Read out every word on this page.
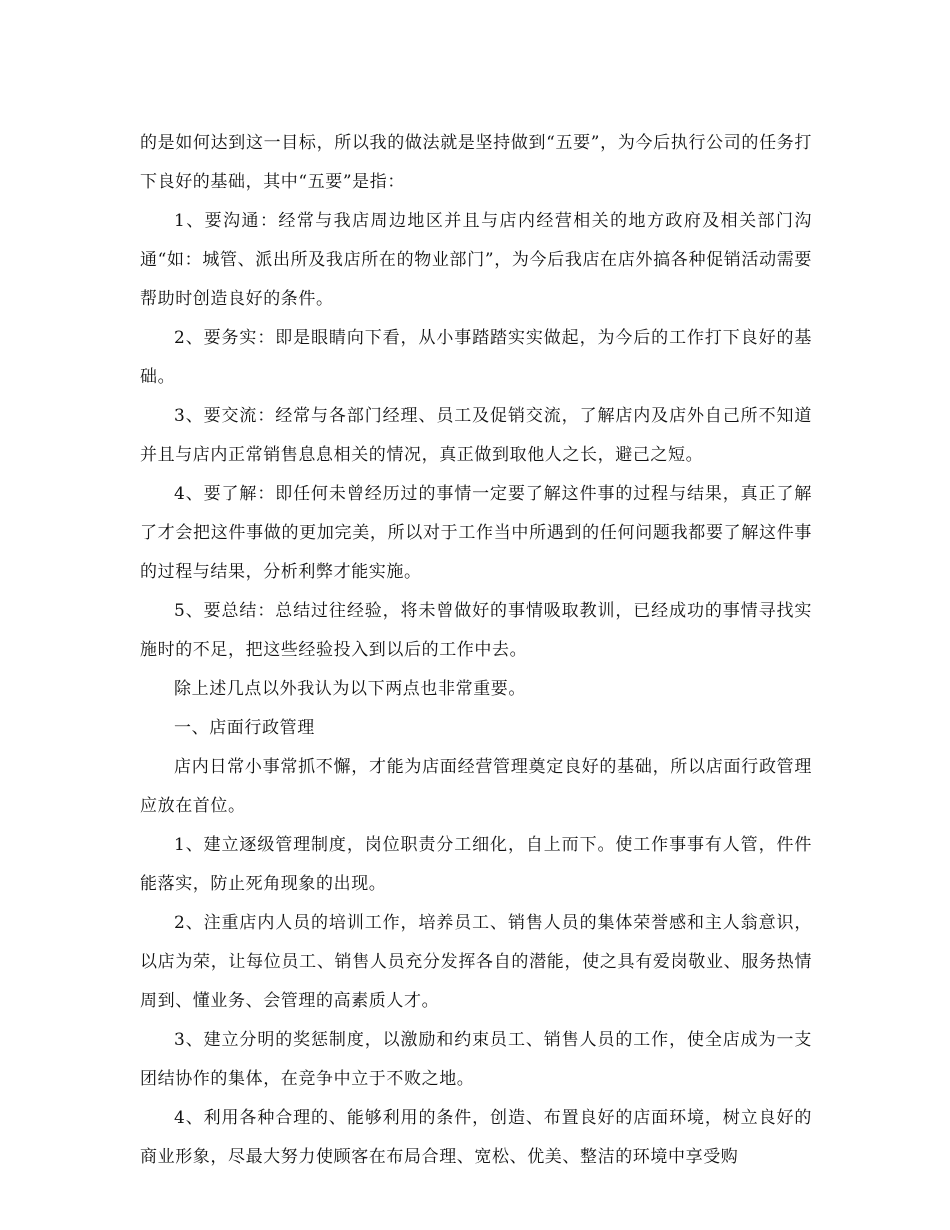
的是如何达到这一目标，所以我的做法就是坚持做到“五要”，为今后执行公司的任务打下良好的基础，其中“五要”是指：

1、要沟通：经常与我店周边地区并且与店内经营相关的地方政府及相关部门沟通“如：城管、派出所及我店所在的物业部门”，为今后我店在店外搞各种促销活动需要帮助时创造良好的条件。

2、要务实：即是眼睛向下看，从小事踏踏实实做起，为今后的工作打下良好的基础。

3、要交流：经常与各部门经理、员工及促销交流，了解店内及店外自己所不知道并且与店内正常销售息息相关的情况，真正做到取他人之长，避己之短。

4、要了解：即任何未曾经历过的事情一定要了解这件事的过程与结果，真正了解了才会把这件事做的更加完美，所以对于工作当中所遇到的任何问题我都要了解这件事的过程与结果，分析利弊才能实施。

5、要总结：总结过往经验，将未曾做好的事情吸取教训，已经成功的事情寻找实施时的不足，把这些经验投入到以后的工作中去。

除上述几点以外我认为以下两点也非常重要。

一、店面行政管理

店内日常小事常抓不懈，才能为店面经营管理奠定良好的基础，所以店面行政管理应放在首位。

1、建立逐级管理制度，岗位职责分工细化，自上而下。使工作事事有人管，件件能落实，防止死角现象的出现。

2、注重店内人员的培训工作，培养员工、销售人员的集体荣誉感和主人翁意识，以店为荣，让每位员工、销售人员充分发挥各自的潜能，使之具有爱岗敬业、服务热情周到、懂业务、会管理的高素质人才。

3、建立分明的奖惩制度，以激励和约束员工、销售人员的工作，使全店成为一支团结协作的集体，在竞争中立于不败之地。

4、利用各种合理的、能够利用的条件，创造、布置良好的店面环境，树立良好的商业形象，尽最大努力使顾客在布局合理、宽松、优美、整洁的环境中享受购
